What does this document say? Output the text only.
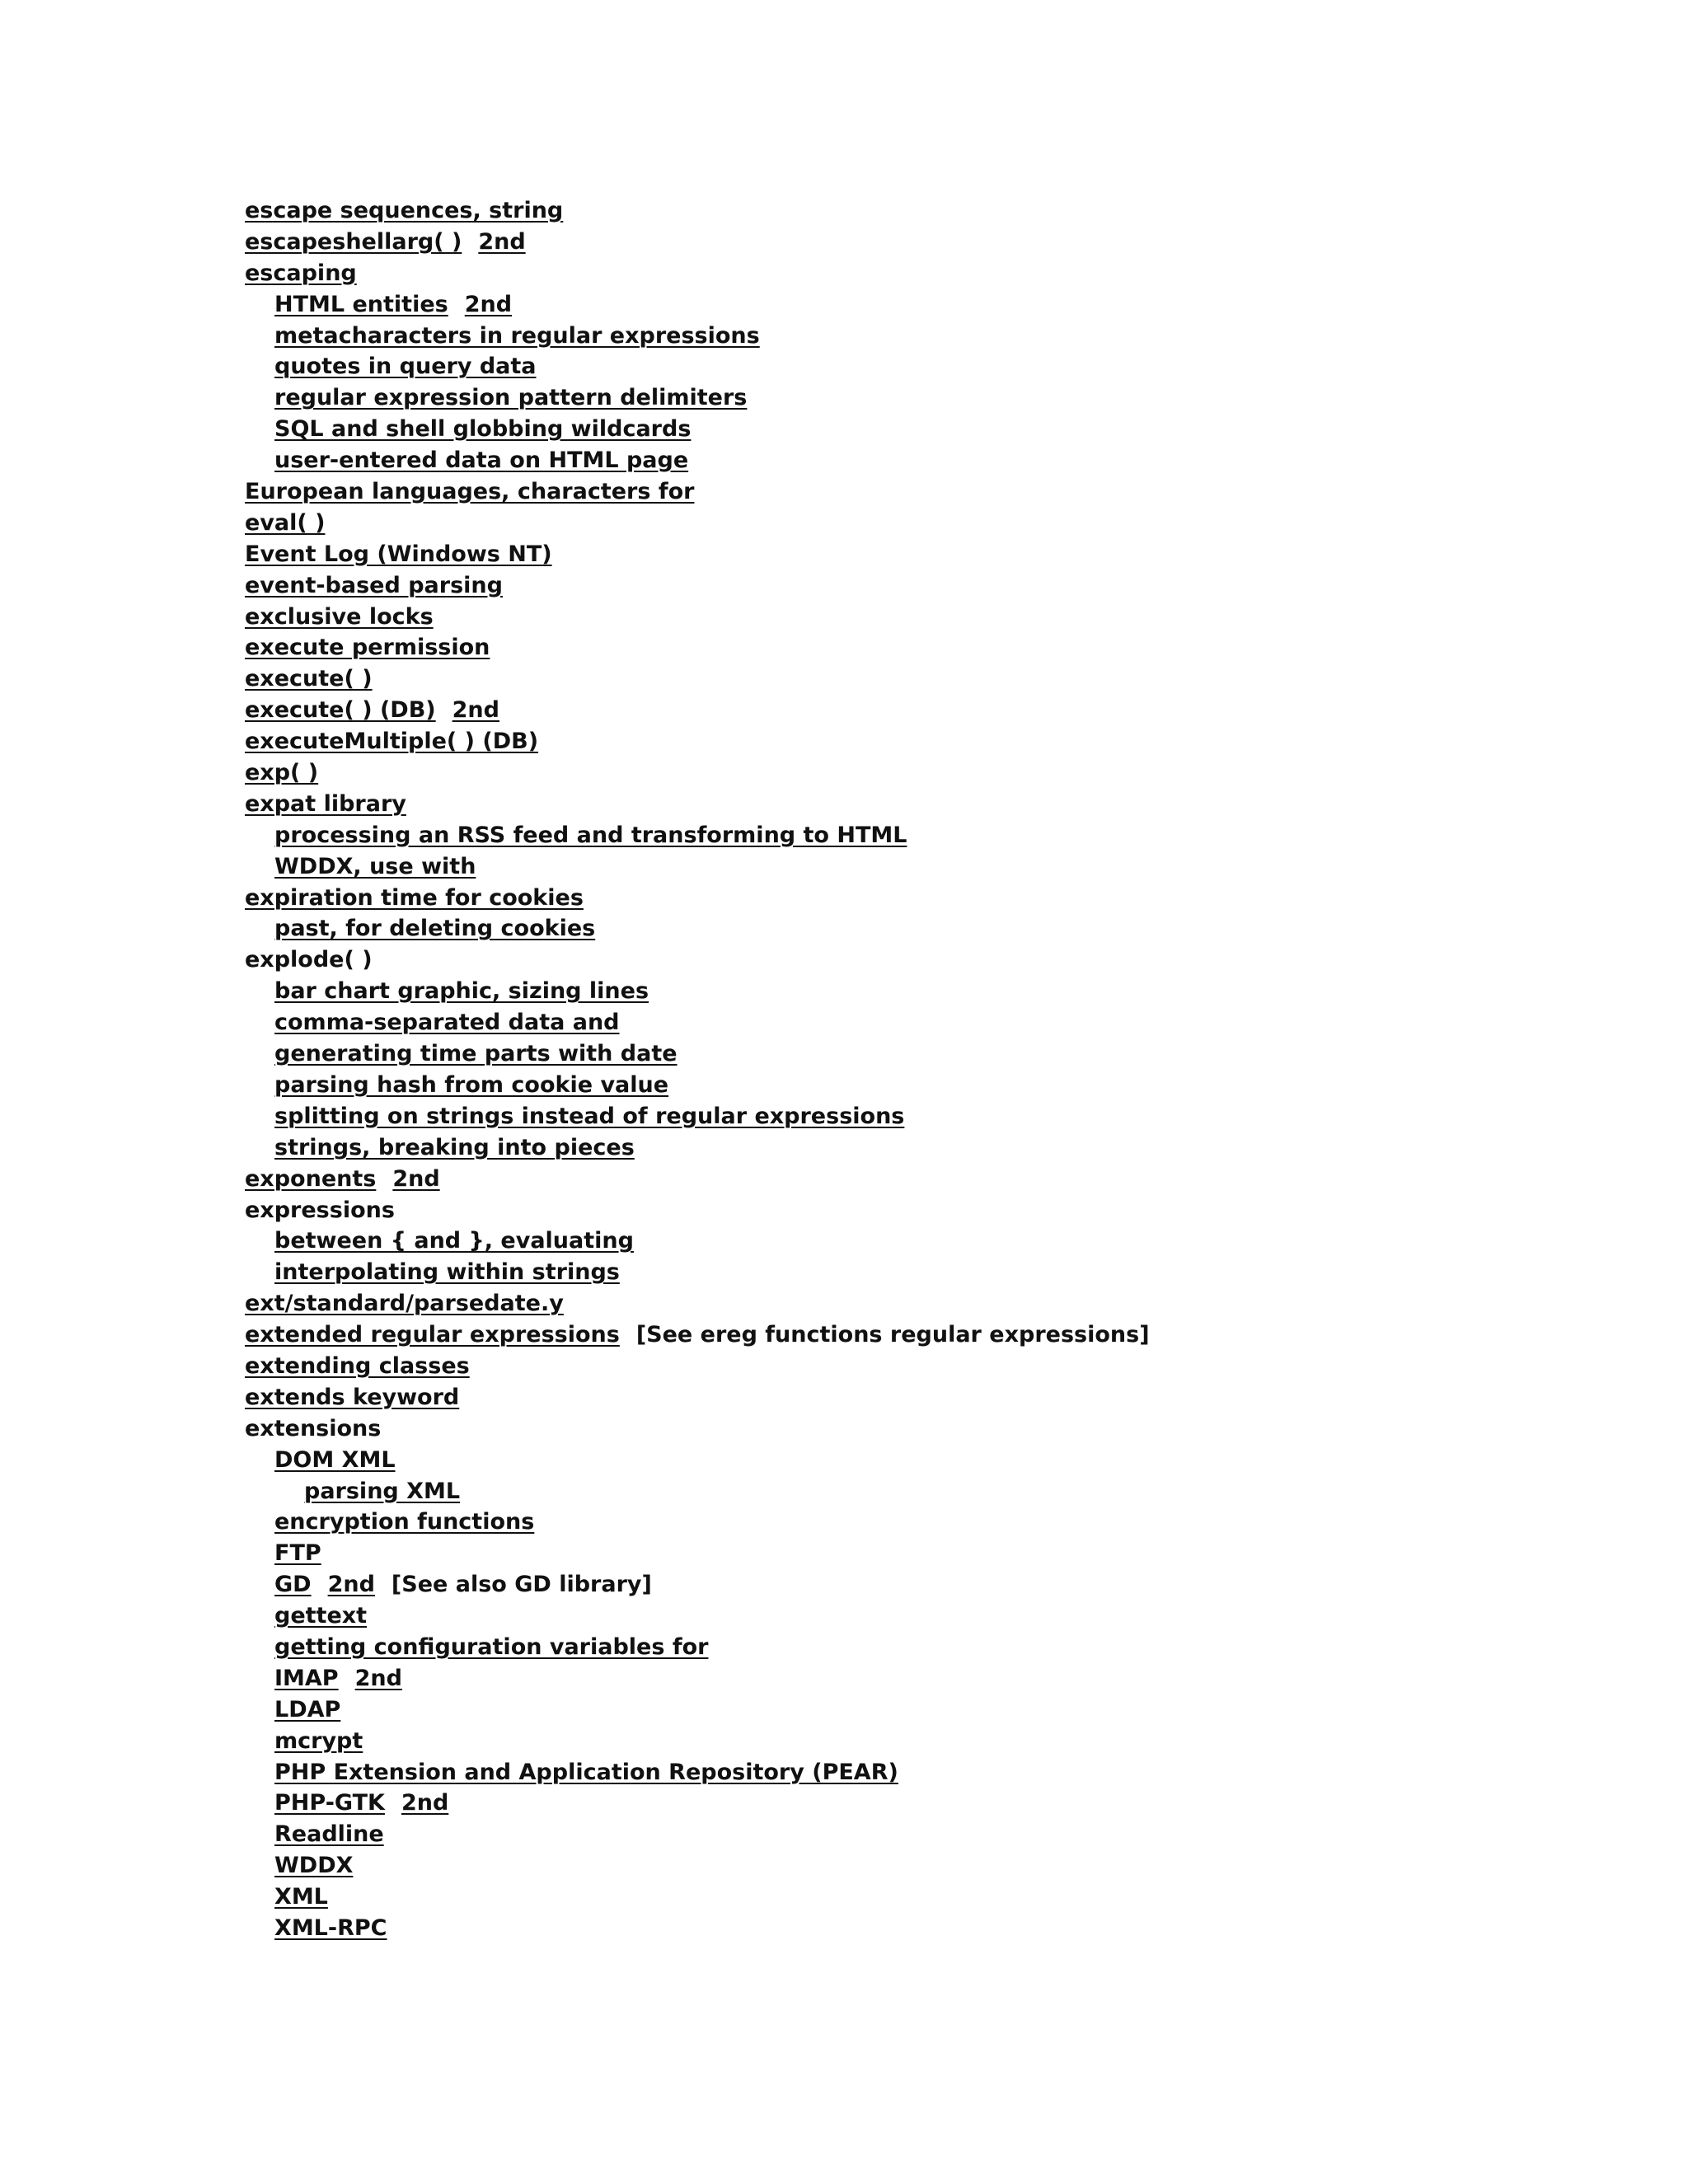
escape sequences, string
escapeshellarg( ) 2nd
escaping
HTML entities 2nd
metacharacters in regular expressions
quotes in query data
regular expression pattern delimiters
SQL and shell globbing wildcards
user-entered data on HTML page
European languages, characters for
eval( )
Event Log (Windows NT)
event-based parsing
exclusive locks
execute permission
execute( )
execute( ) (DB) 2nd
executeMultiple( ) (DB)
exp( )
expat library
processing an RSS feed and transforming to HTML
WDDX, use with
expiration time for cookies
past, for deleting cookies
explode( )
bar chart graphic, sizing lines
comma-separated data and
generating time parts with date
parsing hash from cookie value
splitting on strings instead of regular expressions
strings, breaking into pieces
exponents 2nd
expressions
between { and }, evaluating
interpolating within strings
ext/standard/parsedate.y
extended regular expressions [See ereg functions regular expressions]
extending classes
extends keyword
extensions
DOM XML
parsing XML
encryption functions
FTP
GD 2nd [See also GD library]
gettext
getting configuration variables for
IMAP 2nd
LDAP
mcrypt
PHP Extension and Application Repository (PEAR)
PHP-GTK 2nd
Readline
WDDX
XML
XML-RPC
